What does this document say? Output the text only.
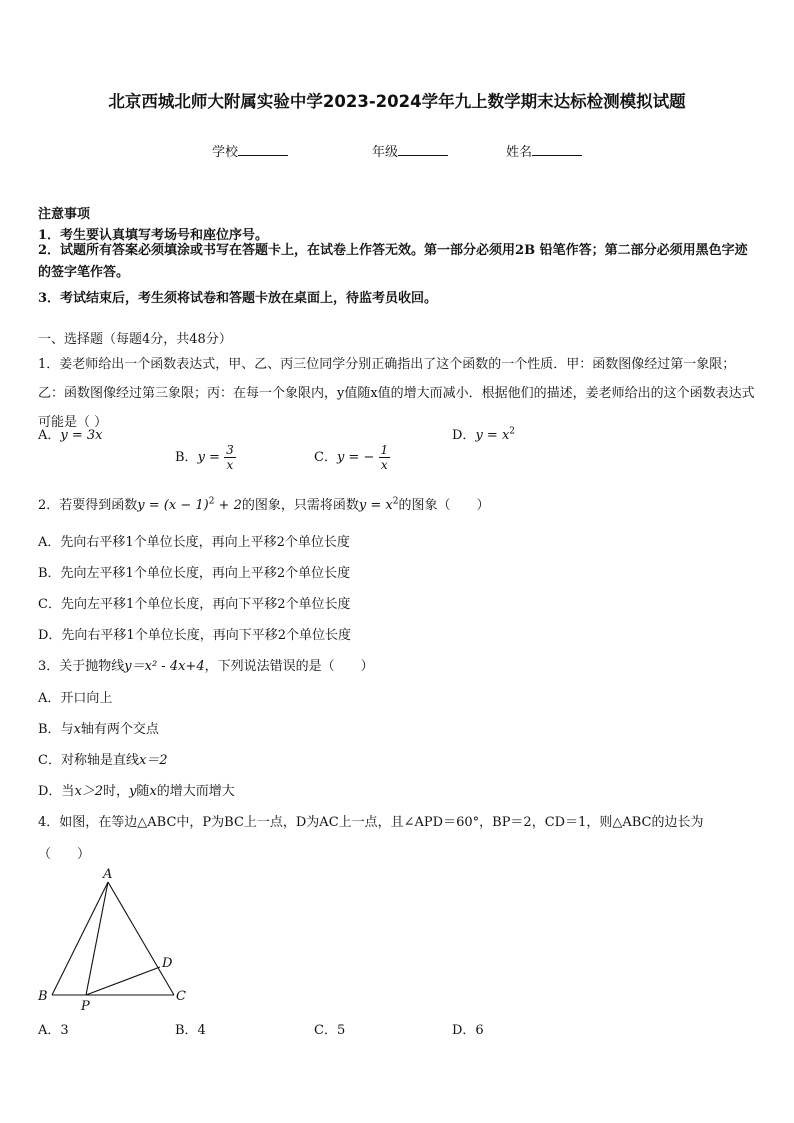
北京西城北师大附属实验中学2023-2024学年九上数学期末达标检测模拟试题
学校	年级	姓名
注意事项
1．考生要认真填写考场号和座位序号。
2．试题所有答案必须填涂或书写在答题卡上，在试卷上作答无效。第一部分必须用2B 铅笔作答；第二部分必须用黑色字迹的签字笔作答。
3．考试结束后，考生须将试卷和答题卡放在桌面上，待监考员收回。
一、选择题（每题4分，共48分）
1．姜老师给出一个函数表达式，甲、乙、丙三位同学分别正确指出了这个函数的一个性质．甲：函数图像经过第一象限；乙：函数图像经过第三象限；丙：在每一个象限内，y值随x值的增大而减小．根据他们的描述，姜老师给出的这个函数表达式可能是（ ）
A．y = 3x
B．$y = \frac{3}{x}$	C．y = − $\frac{1}{x}$
D．$y = x^2$
2．若要得到函数$y = (x - 1)^2 + 2$的图象，只需将函数$y = x^2$的图象（　　）
A．先向右平移1个单位长度，再向上平移2个单位长度
B．先向左平移1个单位长度，再向上平移2个单位长度
C．先向左平移1个单位长度，再向下平移2个单位长度
D．先向右平移1个单位长度，再向下平移2个单位长度
3．关于抛物线y＝x² - 4x+4，下列说法错误的是（　　）
A．开口向上
B．与x轴有两个交点
C．对称轴是直线x＝2
D．当x＞2时，y随x的增大而增大
4．如图，在等边△ABC中，P为BC上一点，D为AC上一点，且∠APD＝60°，BP＝2，CD＝1，则△ABC的边长为
（　　）
A
B	C
D
P
A．3	B．4	C．5	D．6
